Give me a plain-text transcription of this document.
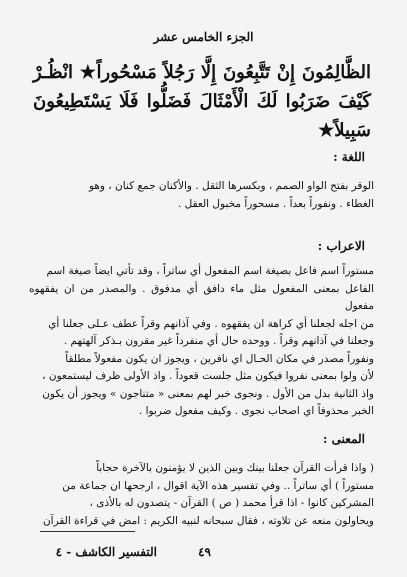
الجزء الخامس عشر
الظَّالِمُونَ إِنْ تَتَّبِعُونَ إِلَّا رَجُلاً مَسْحُوراً★ انْظُـرْ كَيْفَ ضَرَبُوا لَكَ الْأَمْثَالَ فَضَلُّوا فَلَا يَسْتَطِيعُونَ سَبِيلاً★
اللغة :

الوقر بفتح الواو الصمم ، وبكسرها الثقل . والأكنان جمع كنان ، وهو

الغطاء . ونفوراً بعداً . مسحوراً مخبول العقل .

الاعراب :

مستوراً اسم فاعل بصيغة اسم المفعول أي ساتراً ، وقد تأتي ايضاً صيغة اسم

الفاعل بمعنى المفعول مثل ماء دافق أي مدفوق . والمصدر من ان يفقهوه مفعول

من اجله لجعلنا أي كراهة ان يفقهوه . وفي آذانهم وقراً عطف عـلى جعلنا أي

وجعلنا في آذانهم وقراً . ووحده حال أي منفرداً غير مقرون بـذكر آلهتهم .

ونفوراً مصدر في مكان الحـال اي نافرين ، ويجوز ان يكون مفعولاً مطلقاً

لأن ولوا بمعنى نفروا فيكون مثل جلست قعوداً . واذ الأولى ظرف ليستمعون ،

واذ الثانية بدل من الأول . ونجوى خبر لهم بمعنى « متناجون » ويجوز أن يكون

الخبر محذوفاً اي اصحاب نجوى . وكيف مفعول ضربوا .

المعنى :

( واذا قرأت القرآن جعلنا بينك وبين الذين لا يؤمنون بالآخرة حجاباً

مستوراً ) أي ساتراً .. وفي تفسير هذه الآية اقوال ، ارجحها ان جماعة من

المشركين كانوا - اذا قرأ محمد ( ص ) القرآن - يتصدون له بالأذى ،

ويحاولون منعه عن تلاوته ، فقال سبحانه لنبيه الكريم : امض في قراءة القرآن

التفسير الكاشف - ٤	٤٩
